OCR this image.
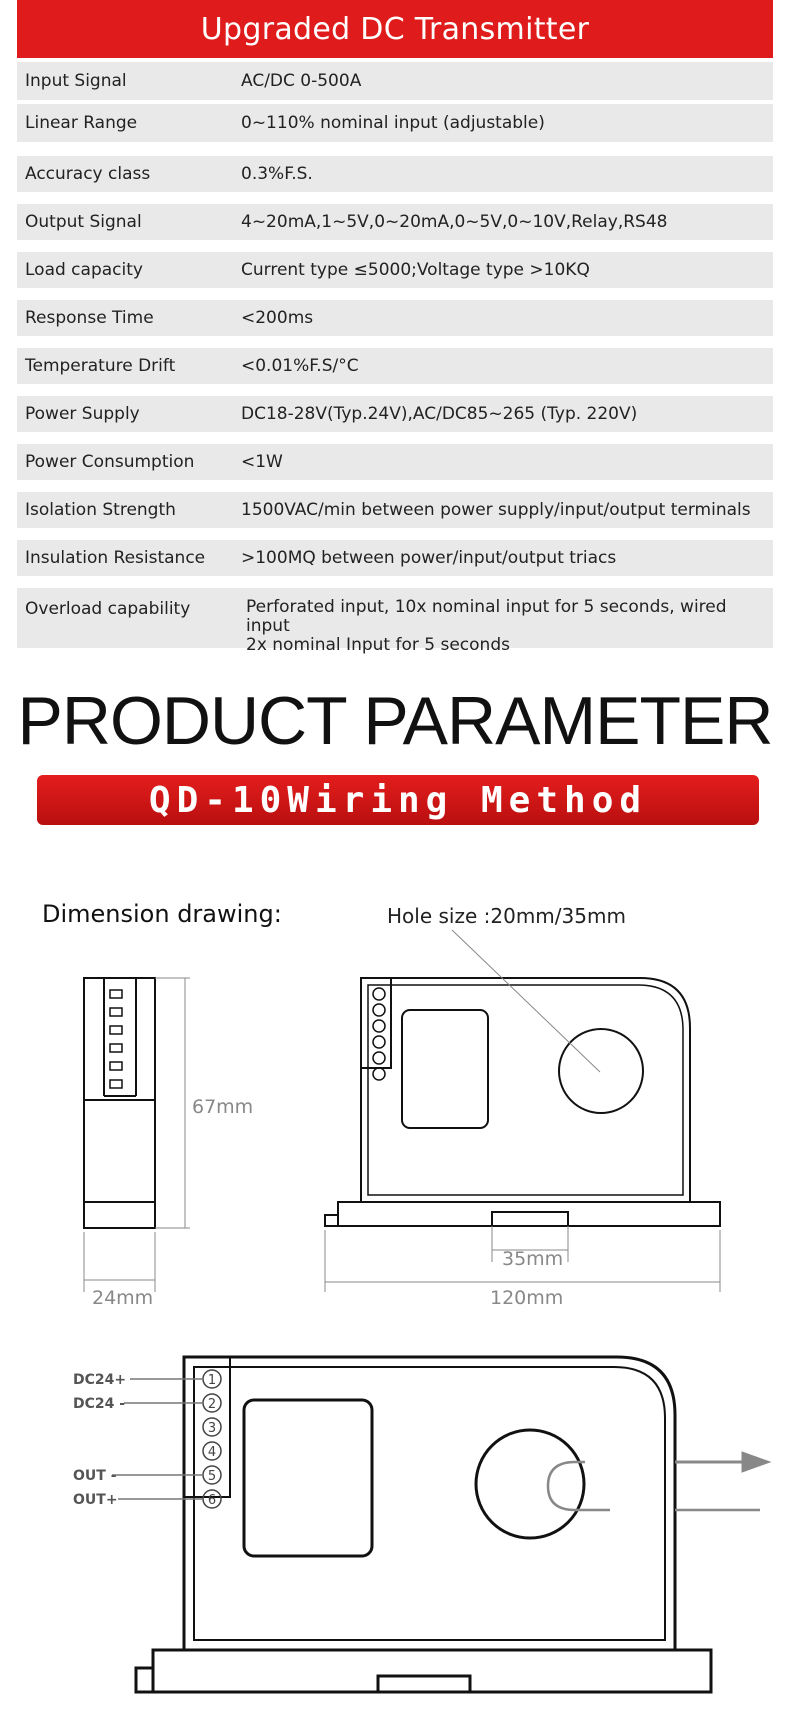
Upgraded DC Transmitter
Input Signal	AC/DC 0-500A
Linear Range	0~110% nominal input (adjustable)
Accuracy class	0.3%F.S.
Output Signal	4~20mA,1~5V,0~20mA,0~5V,0~10V,Relay,RS48
Load capacity	Current type ≤5000;Voltage type >10KQ
Response Time	<200ms
Temperature Drift	<0.01%F.S/°C
Power Supply	DC18-28V(Typ.24V),AC/DC85~265 (Typ. 220V)
Power Consumption	<1W
Isolation Strength	1500VAC/min between power supply/input/output terminals
Insulation Resistance >100MQ between power/input/output triacs
Overload capability	Perforated input, 10x nominal input for 5 seconds, wired input
2x nominal Input for 5 seconds
PRODUCT PARAMETER
QD-10Wiring Method
Dimension drawing:	Hole size :20mm/35mm
67mm
24mm
35mm
120mm
1
2
3
4
5
6
DC24+
DC24 -
OUT -
OUT+
